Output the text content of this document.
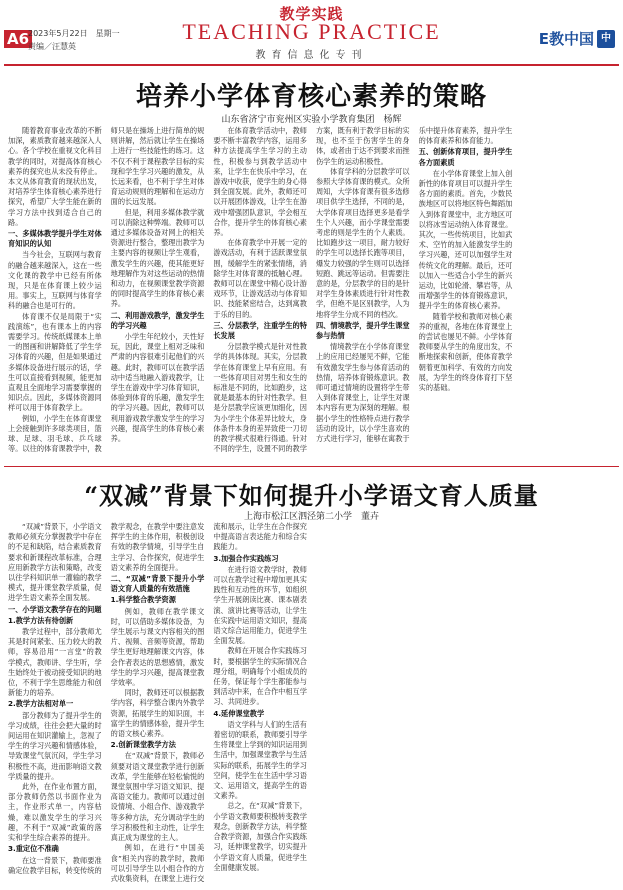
A6
2023年5月22日　星期一
责编／汪慧英
教学实践
TEACHING PRACTICE
教育信息化专刊
E教中国 中
培养小学体育核心素养的策略
山东省济宁市兖州区实验小学教育集团　杨辉

随着教育事业改革的不断加深，素质教育越来越深入人心。各个学校在重视文化科目教学的同时，对提高体育核心素养的探究也从未没有停止。本文从体育教育的现状出发，对培养学生体育核心素养进行探究，希望广大学生能在新的学习方法中找到适合自己的路。

一、多媒体教学提升学生对体育知识的认知

当今社会，互联网与教育的融合越来越深入，这在一些文化课的教学中已经有所体现，只是在体育课上较少运用。事实上，互联网与体育学科的融合也是可行的。

体育课不仅是局限于“实践演练”，也有课本上的内容需要学习。传统纸媒课本上单一的图画和讲解降低了学生学习体育的兴趣，但是如果通过多媒体设备进行展示的话，学生可以直接看到视频，能更加直观且全面地学习需要掌握的知识点。因此，多媒体资源同样可以用于体育教学上。

例如，小学生在体育课堂上会接触到许多球类项目，篮球、足球、羽毛球、乒乓球等。以往的体育课教学中，教师只是在操场上进行简单的规则讲解，然后就让学生在操场上进行一些技能性的练习。这不仅不利于课程教学目标的实现和学生学习兴趣的激发，从长远来看，也不利于学生对体育运动规则的理解和在运动方面的长远发展。

但是，利用多媒体教学就可以消除这种弊端。教师可以通过多媒体设备对网上的相关资源进行整合，整理出教学为主要内容的视频让学生观看，激发学生的兴趣，使其能更好地理解作为对这些运动的热情和动力，在视频课堂教学资源的同时提高学生的体育核心素养。

二、利用游戏教学，激发学生的学习兴趣

小学生年纪较小，天性好玩，因此，课堂上相对乏味和严肃的内容很难引起他们的兴趣。此时，教师可以在教学活动中适当地融入游戏教学，让学生在游戏中学习体育知识，体验到体育的乐趣，激发学生的学习兴趣。因此，教师可以利用游戏教学激发学生的学习兴趣，提高学生的体育核心素养。

在体育教学活动中，教师要不断丰富教学内容，运用多种方法提高学生学习的主动性，积极参与到教学活动中来，让学生在快乐中学习，在游戏中收获，使学生的身心得到全面发展。此外，教师还可以开展团体游戏，让学生在游戏中增强团队意识，学会相互合作，提升学生的体育核心素养。

在体育教学中开展一定的游戏活动，有利于活跃课堂氛围，缓解学生的紧张情绪，消除学生对体育课的抵触心理。教师可以在课堂中精心设计游戏环节，让游戏活动与体育知识、技能紧密结合，达到寓教于乐的目的。

三、分层教学，注重学生的特长发展

分层教学模式是针对性教学的具体体现。其实，分层教学在体育课堂上早有应用。有一些体育项目对男生和女生的标准是不同的，比如跑步，这就是最基本的针对性教学。但是分层教学应该更加细化，因为小学生个体差异比较大，身体条件本身的差异致使一刀切的教学模式很难行得通。针对不同的学生，设置不同的教学方案，既有利于教学目标的实现，也不至于伤害学生的身体，或者由于达不到要求而挫伤学生的运动积极性。

体育学科的分层教学可以参照大学体育课的模式。众所周知，大学体育课有很多选修项目供学生选择，不同的是，大学体育项目选择更多是看学生个人兴趣，而小学课堂需要考虑的则是学生的个人素质。比如跑步这一项目，耐力较好的学生可以选择长跑等项目，爆发力较强的学生则可以选择短跑、跳远等运动。但需要注意的是，分层教学的目的是针对学生身体素质进行针对性教学，但绝不是区别教学，人为地将学生分成不同的档次。

四、情境教学，提升学生课堂参与热情

情境教学在小学体育课堂上的应用已经屡见不鲜，它能有效激发学生参与体育活动的热情，培养体育锻炼意识。教师可通过情境的设置将学生带入到体育课堂上，让学生对课本内容有更为深刻的理解。根据小学生的性格特点进行教学活动的设计，以小学生喜欢的方式进行学习，能够在寓教于乐中提升体育素养，提升学生的体育素养和体育能力。

五、创新体育项目，提升学生各方面素质

在小学体育课堂上加入创新性的体育项目可以提升学生各方面的素质。首先，少数民族地区可以将地区特色舞蹈加入到体育课堂中，北方地区可以将冰雪运动纳入体育课堂。其次，一些传统项目，比如武术、空竹的加入能激发学生的学习兴趣，还可以加强学生对传统文化的理解。最后，还可以加入一些适合小学生的新兴运动，比如轮滑、攀岩等，从而增强学生的体育锻炼意识，提升学生的体育核心素养。

随着学校和教师对核心素养的重视，各地在体育课堂上的尝试也屡见不鲜。小学体育教师要从学生的角度出发，不断地探索和创新，使体育教学朝着更加科学、有效的方向发展，为学生的终身体育打下坚实的基础。

“双减”背景下如何提升小学语文育人质量
上海市松江区泗泾第二小学　董卉

“双减”背景下，小学语文教师必须充分掌握教学中存在的不足和缺陷，结合素质教育要求和新课程改革标准，合理应用新教学方法和策略，改变以往学科知识单一灌输的教学模式，提升课堂教学质量，促进学生语文素养全面发展。

一、小学语文教学存在的问题

1.教学方法有待创新

教学过程中，部分教师尤其是时间紧张、压力较大的教师，容易沿用“一言堂”的教学模式，教师讲、学生听，学生始终处于被动接受知识的地位，不利于学生思维能力和创新能力的培养。

2.教学方法相对单一

部分教师为了提升学生的学习成绩，往往会把大量的时间运用在知识灌输上，忽视了学生的学习兴趣和情感体验，导致课堂气氛沉闷，学生学习积极性不高，进而影响语文教学质量的提升。

此外，在作业布置方面，部分教师仍然以书面作业为主，作业形式单一，内容枯燥，难以激发学生的学习兴趣，不利于“双减”政策的落实和学生综合素养的提升。

3.重定位不准确

在这一背景下，教师要准确定位教学目标，转变传统的教学观念，在教学中要注意发挥学生的主体作用，积极创设有效的教学情境，引导学生自主学习、合作探究，促进学生语文素养的全面提升。

二、“双减”背景下提升小学语文育人质量的有效措施

1.科学整合教学资源

例如，教师在教学课文时，可以借助多媒体设备，为学生展示与课文内容相关的图片、视频、音频等资源，帮助学生更好地理解课文内容，体会作者表达的思想感情，激发学生的学习兴趣，提高课堂教学效率。

同时，教师还可以根据教学内容，科学整合课内外教学资源，拓展学生的知识面，丰富学生的情感体验，提升学生的语文核心素养。

2.创新课堂教学方法

在“双减”背景下，教师必须要对语文课堂教学进行创新改革，学生能够在轻松愉悦的课堂氛围中学习语文知识、提高语文能力。教师可以通过创设情境、小组合作、游戏教学等多种方法，充分调动学生的学习积极性和主动性，让学生真正成为课堂的主人。

例如，在进行“中国美食”相关内容的教学时，教师可以引导学生以小组合作的方式收集资料，在课堂上进行交流和展示，让学生在合作探究中提高语言表达能力和综合实践能力。

3.加强合作实践练习

在进行语文教学时，教师可以在教学过程中增加更具实践性和互动性的环节，如组织学生开展朗读比赛、课本剧表演、演讲比赛等活动，让学生在实践中运用语文知识，提高语文综合运用能力，促进学生全面发展。

教师在开展合作实践练习时，要根据学生的实际情况合理分组，明确每个小组成员的任务，保证每个学生都能参与到活动中来，在合作中相互学习、共同进步。

4.延伸课堂教学

语文学科与人们的生活有着密切的联系，教师要引导学生将课堂上学到的知识运用到生活中，加强课堂教学与生活实际的联系，拓展学生的学习空间，使学生在生活中学习语文、运用语文，提高学生的语文素养。

总之，在“双减”背景下，小学语文教师要积极转变教学观念，创新教学方法，科学整合教学资源，加强合作实践练习，延伸课堂教学，切实提升小学语文育人质量，促进学生全面健康发展。
